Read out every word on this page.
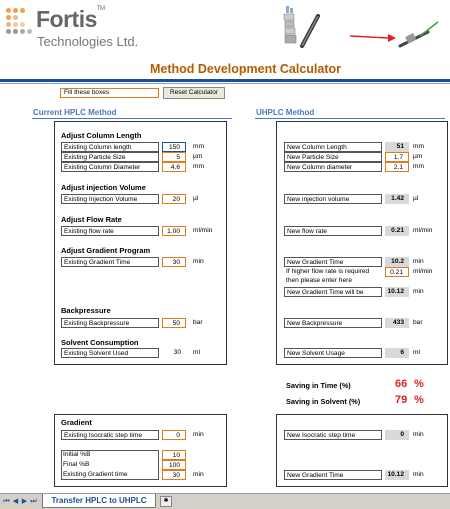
Fortis™
Technologies Ltd.
Method Development Calculator
Fill these boxes	Reset Calculator
Current HPLC Method	UHPLC Method
Adjust Column Length
Existing Column length	150	mm
Existing Particle Size	5	µm
Existing Column Diameter	4.6	mm
Adjust injection Volume
Existing Injection Volume	20	µl
Adjust Flow Rate
Existing flow rate	1.00	ml/min
Adjust Gradient Program
Existing Gradient Time	30	min
Backpressure
Existing Backpressure	50	bar
Solvent Consumption
Existing Solvent Used	30	ml
New Column Length	51	mm
New Particle Size	1.7	µm
New Column diameter	2.1	mm
New injection volume	1.42	µl
New flow rate	0.21	ml/min
New Gradient Time	10.2	min
If higher flow rate is required
then please enter here
0.21	ml/min
New Gradient Time will be	10.12	min
New Backpressure	433	bar
New Solvent Usage	6	ml
Saving in Time (%)	66 %
Saving in Solvent (%)	79 %
Gradient
Existing Isocratic step time	0	min
Initial %B	10
Final %B	100
Existing Gradient time	30	min
New Isocratic step time	0	min
New Gradient Time	10.12	min
⏮ ◀ ▶ ⏭	Transfer HPLC to UHPLC	✱
